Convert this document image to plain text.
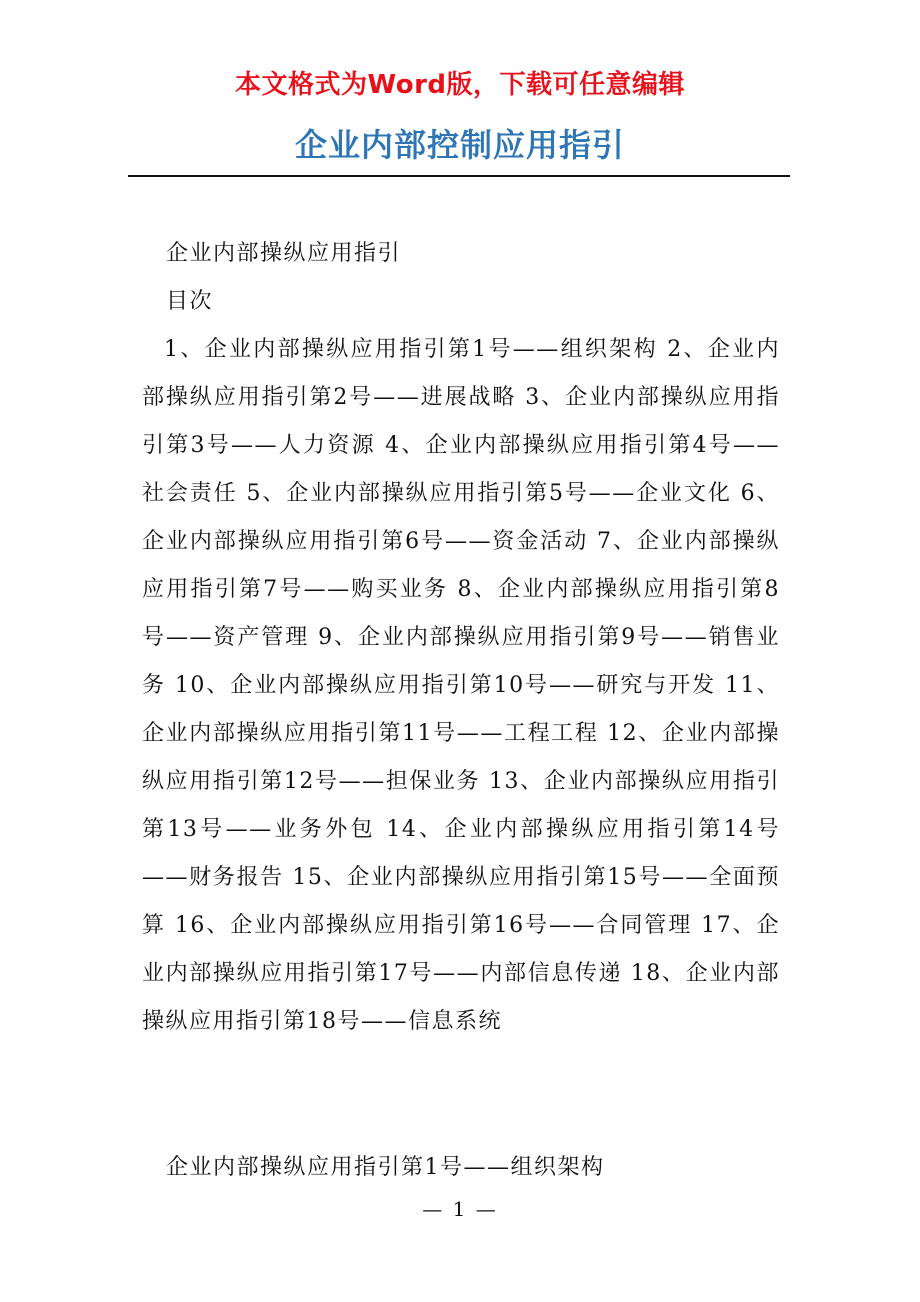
本文格式为Word版，下载可任意编辑
企业内部控制应用指引
企业内部操纵应用指引
目次
1、企业内部操纵应用指引第1号——组织架构 2、企业内部操纵应用指引第2号——进展战略 3、企业内部操纵应用指引第3号——人力资源 4、企业内部操纵应用指引第4号——社会责任 5、企业内部操纵应用指引第5号——企业文化 6、企业内部操纵应用指引第6号——资金活动 7、企业内部操纵应用指引第7号——购买业务 8、企业内部操纵应用指引第8号——资产管理 9、企业内部操纵应用指引第9号——销售业务 10、企业内部操纵应用指引第10号——研究与开发 11、企业内部操纵应用指引第11号——工程工程 12、企业内部操纵应用指引第12号——担保业务 13、企业内部操纵应用指引第13号——业务外包 14、企业内部操纵应用指引第14号——财务报告 15、企业内部操纵应用指引第15号——全面预算 16、企业内部操纵应用指引第16号——合同管理 17、企业内部操纵应用指引第17号——内部信息传递 18、企业内部操纵应用指引第18号——信息系统
企业内部操纵应用指引第1号——组织架构
— 1 —
